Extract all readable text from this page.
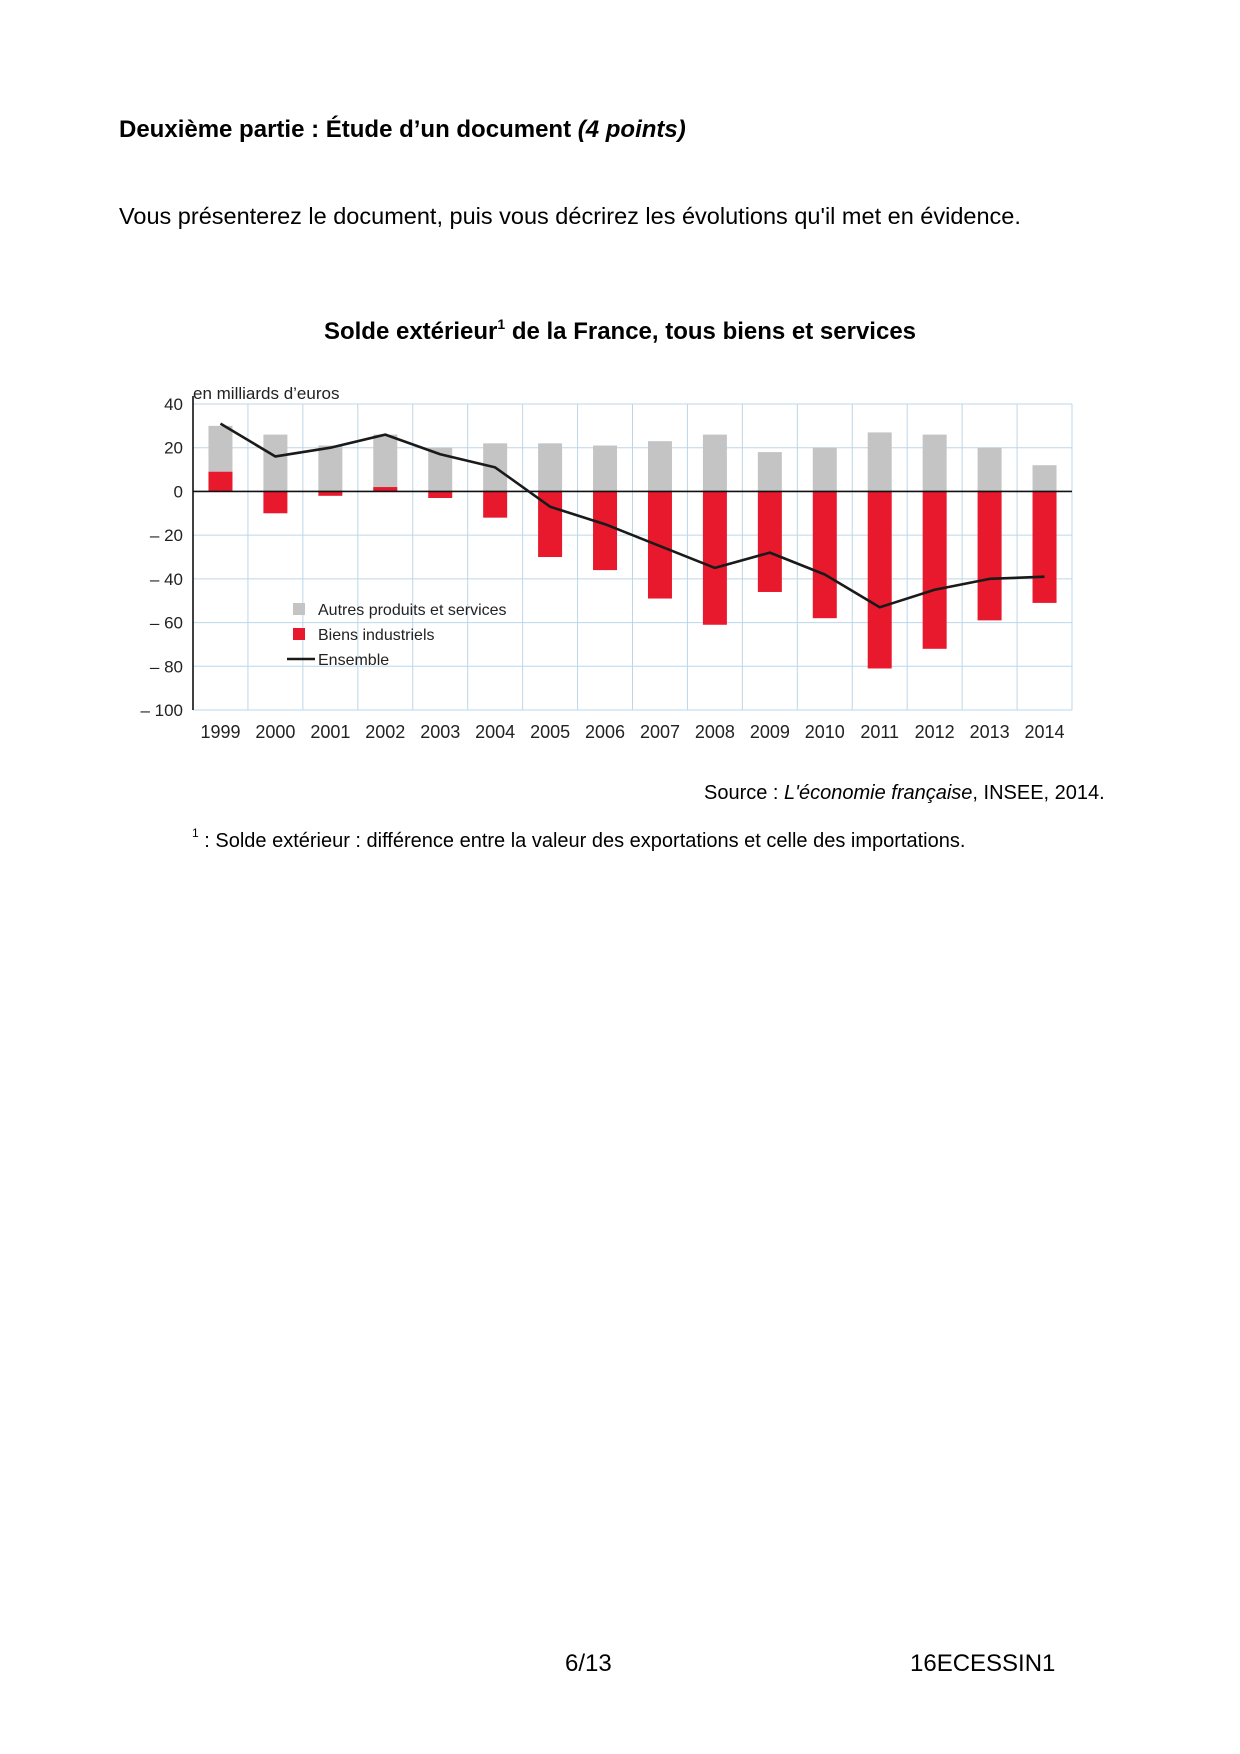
Deuxième partie : Étude d’un document (4 points)
Vous présenterez le document, puis vous décrirez les évolutions qu'il met en évidence.
Solde extérieur$^1$ de la France, tous biens et services
40
20
0
– 20
– 40
– 60
– 80
– 100
1999 2000 2001 2002 2003 2004 2005 2006 2007 2008 2009 2010 2011 2012 2013 2014
Autres produits et services
Biens industriels
Ensemble
en milliards d’euros
Source : L'économie française, INSEE, 2014.
$^1$ : Solde extérieur : différence entre la valeur des exportations et celle des importations.
6/13	16ECESSIN1
